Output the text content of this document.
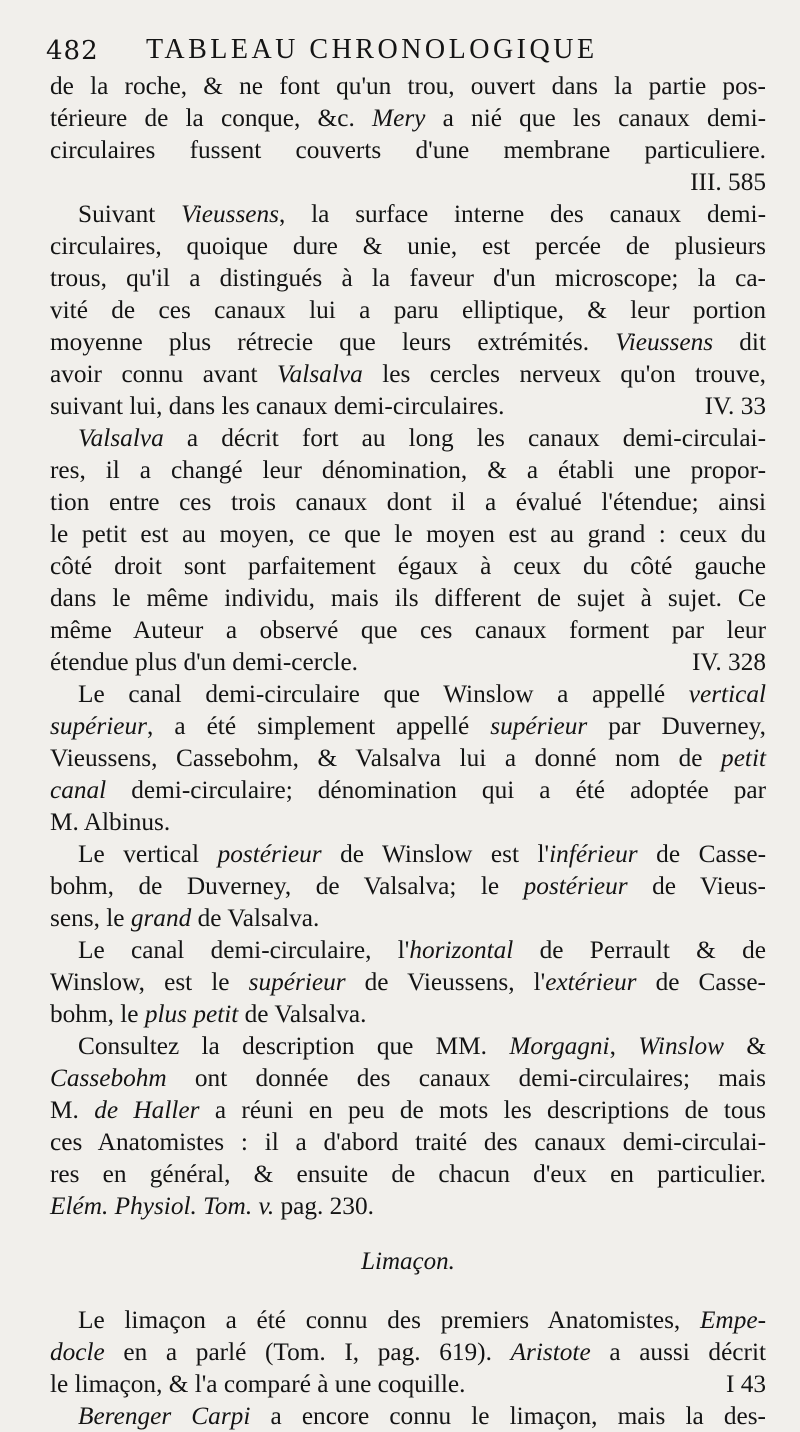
482 TABLEAU CHRONOLOGIQUE

de la roche, & ne font qu'un trou, ouvert dans la partie pos-
térieure de la conque, &c. Mery a nié que les canaux demi-
circulaires fussent couverts d'une membrane particuliere.
III. 585

Suivant Vieussens, la surface interne des canaux demi-
circulaires, quoique dure & unie, est percée de plusieurs
trous, qu'il a distingués à la faveur d'un microscope; la ca-
vité de ces canaux lui a paru elliptique, & leur portion
moyenne plus rétrecie que leurs extrémités. Vieussens dit
avoir connu avant Valsalva les cercles nerveux qu'on trouve,
suivant lui, dans les canaux demi-circulaires.	IV. 33

Valsalva a décrit fort au long les canaux demi-circulai-
res, il a changé leur dénomination, & a établi une propor-
tion entre ces trois canaux dont il a évalué l'étendue; ainsi
le petit est au moyen, ce que le moyen est au grand : ceux du
côté droit sont parfaitement égaux à ceux du côté gauche
dans le même individu, mais ils different de sujet à sujet. Ce
même Auteur a observé que ces canaux forment par leur
étendue plus d'un demi-cercle.	IV. 328

Le canal demi-circulaire que Winslow a appellé vertical
supérieur, a été simplement appellé supérieur par Duverney,
Vieussens, Cassebohm, & Valsalva lui a donné nom de petit
canal demi-circulaire; dénomination qui a été adoptée par
M. Albinus.

Le vertical postérieur de Winslow est l'inférieur de Casse-
bohm, de Duverney, de Valsalva; le postérieur de Vieus-
sens, le grand de Valsalva.

Le canal demi-circulaire, l'horizontal de Perrault & de
Winslow, est le supérieur de Vieussens, l'extérieur de Casse-
bohm, le plus petit de Valsalva.

Consultez la description que MM. Morgagni, Winslow &
Cassebohm ont donnée des canaux demi-circulaires; mais
M. de Haller a réuni en peu de mots les descriptions de tous
ces Anatomistes : il a d'abord traité des canaux demi-circulai-
res en général, & ensuite de chacun d'eux en particulier.
Elém. Physiol. Tom. v. pag. 230.

Limaçon.

Le limaçon a été connu des premiers Anatomistes, Empe-
docle en a parlé (Tom. I, pag. 619). Aristote a aussi décrit
le limaçon, & l'a comparé à une coquille.	I 43

Berenger Carpi a encore connu le limaçon, mais la des-
